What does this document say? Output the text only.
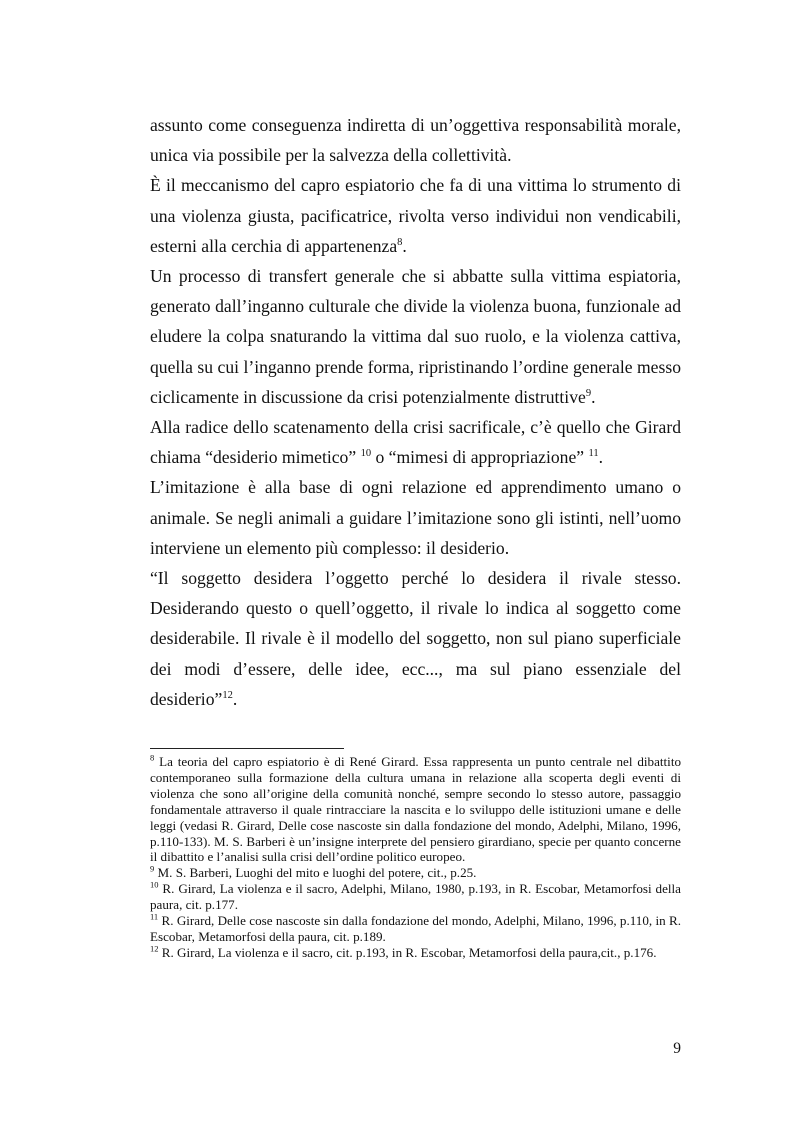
assunto come conseguenza indiretta di un’oggettiva responsabilità morale, unica via possibile per la salvezza della collettività.

È il meccanismo del capro espiatorio che fa di una vittima lo strumento di una violenza giusta, pacificatrice, rivolta verso individui non vendicabili, esterni alla cerchia di appartenenza$^8$.

Un processo di transfert generale che si abbatte sulla vittima espiatoria, generato dall’inganno culturale che divide la violenza buona, funzionale ad eludere la colpa snaturando la vittima dal suo ruolo, e la violenza cattiva, quella su cui l’inganno prende forma, ripristinando l’ordine generale messo ciclicamente in discussione da crisi potenzialmente distruttive$^9$.

Alla radice dello scatenamento della crisi sacrificale, c’è quello che Girard chiama “desiderio mimetico” $^{10}$ o “mimesi di appropriazione” $^{11}$.

L’imitazione è alla base di ogni relazione ed apprendimento umano o animale. Se negli animali a guidare l’imitazione sono gli istinti, nell’uomo interviene un elemento più complesso: il desiderio.

“Il soggetto desidera l’oggetto perché lo desidera il rivale stesso. Desiderando questo o quell’oggetto, il rivale lo indica al soggetto come desiderabile. Il rivale è il modello del soggetto, non sul piano superficiale dei modi d’essere, delle idee, ecc..., ma sul piano essenziale del desiderio”$^{12}$.

$^8$ La teoria del capro espiatorio è di René Girard. Essa rappresenta un punto centrale nel dibattito contemporaneo sulla formazione della cultura umana in relazione alla scoperta degli eventi di violenza che sono all’origine della comunità nonché, sempre secondo lo stesso autore, passaggio fondamentale attraverso il quale rintracciare la nascita e lo sviluppo delle istituzioni umane e delle leggi (vedasi R. Girard, Delle cose nascoste sin dalla fondazione del mondo, Adelphi, Milano, 1996, p.110-133). M. S. Barberi è un’insigne interprete del pensiero girardiano, specie per quanto concerne il dibattito e l’analisi sulla crisi dell’ordine politico europeo.

$^9$ M. S. Barberi, Luoghi del mito e luoghi del potere, cit., p.25.

$^{10}$ R. Girard, La violenza e il sacro, Adelphi, Milano, 1980, p.193, in R. Escobar, Metamorfosi della paura, cit. p.177.

$^{11}$ R. Girard, Delle cose nascoste sin dalla fondazione del mondo, Adelphi, Milano, 1996, p.110, in R. Escobar, Metamorfosi della paura, cit. p.189.

$^{12}$ R. Girard, La violenza e il sacro, cit. p.193, in R. Escobar, Metamorfosi della paura,cit., p.176.

9
